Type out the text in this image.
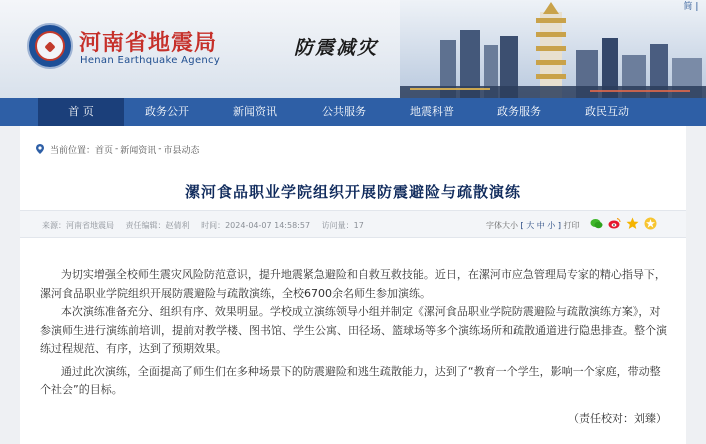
河南省地震局
Henan Earthquake Agency
防震减灾
简 |
首 页	政务公开	新闻资讯	公共服务	地震科普	政务服务	政民互动
当前位置： 首页 - 新闻资讯 - 市县动态
漯河食品职业学院组织开展防震避险与疏散演练
来源：河南省地震局 责任编辑：赵倩利 时间：2024-04-07 14:58:57 访问量：17	字体大小 [ 大 中 小 ] 打印

为切实增强全校师生震灾风险防范意识，提升地震紧急避险和自救互救技能。近日，在漯河市应急管理局专家的精心指导下，漯河食品职业学院组织开展防震避险与疏散演练，全校6700余名师生参加演练。

本次演练准备充分、组织有序、效果明显。学校成立演练领导小组并制定《漯河食品职业学院防震避险与疏散演练方案》，对参演师生进行演练前培训，提前对教学楼、图书馆、学生公寓、田径场、篮球场等多个演练场所和疏散通道进行隐患排查。整个演练过程规范、有序，达到了预期效果。

通过此次演练，全面提高了师生们在多种场景下的防震避险和逃生疏散能力，达到了“教育一个学生，影响一个家庭，带动整个社会”的目标。

（责任校对：刘臻）
